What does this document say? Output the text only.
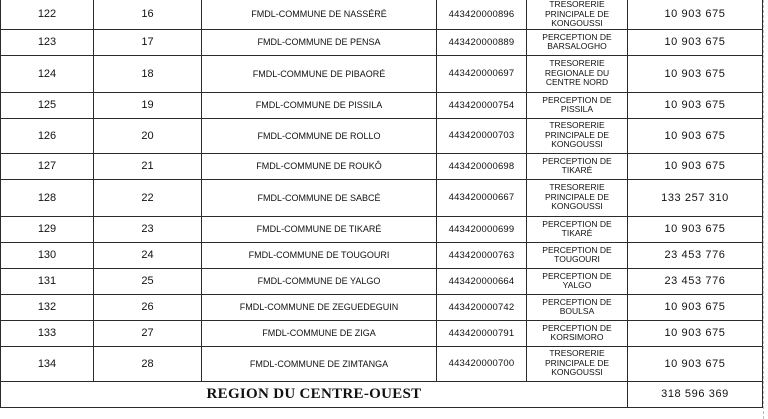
122	16	FMDL-COMMUNE DE NASSÉRÉ	443420000896	TRESORERIE
PRINCIPALE DE
KONGOUSSI	10 903 675
123	17	FMDL-COMMUNE DE PENSA	443420000889	PERCEPTION DE
BARSALOGHO	10 903 675
124	18	FMDL-COMMUNE DE PIBAORÉ	443420000697	TRESORERIE
REGIONALE DU
CENTRE NORD	10 903 675
125	19	FMDL-COMMUNE DE PISSILA	443420000754	PERCEPTION DE
PISSILA	10 903 675
126	20	FMDL-COMMUNE DE ROLLO	443420000703	TRESORERIE
PRINCIPALE DE
KONGOUSSI	10 903 675
127	21	FMDL-COMMUNE DE ROUKÔ	443420000698	PERCEPTION DE
TIKARÉ	10 903 675
128	22	FMDL-COMMUNE DE SABCÉ	443420000667	TRESORERIE
PRINCIPALE DE
KONGOUSSI	133 257 310
129	23	FMDL-COMMUNE DE TIKARÉ	443420000699	PERCEPTION DE
TIKARÉ	10 903 675
130	24	FMDL-COMMUNE DE TOUGOURI	443420000763	PERCEPTION DE
TOUGOURI	23 453 776
131	25	FMDL-COMMUNE DE YALGO	443420000664	PERCEPTION DE
YALGO	23 453 776
132	26	FMDL-COMMUNE DE ZEGUEDEGUIN	443420000742	PERCEPTION DE
BOULSA	10 903 675
133	27	FMDL-COMMUNE DE ZIGA	443420000791	PERCEPTION DE
KORSIMORO	10 903 675
134	28	FMDL-COMMUNE DE ZIMTANGA	443420000700	TRESORERIE
PRINCIPALE DE
KONGOUSSI	10 903 675
REGION DU CENTRE-OUEST					318 596 369
